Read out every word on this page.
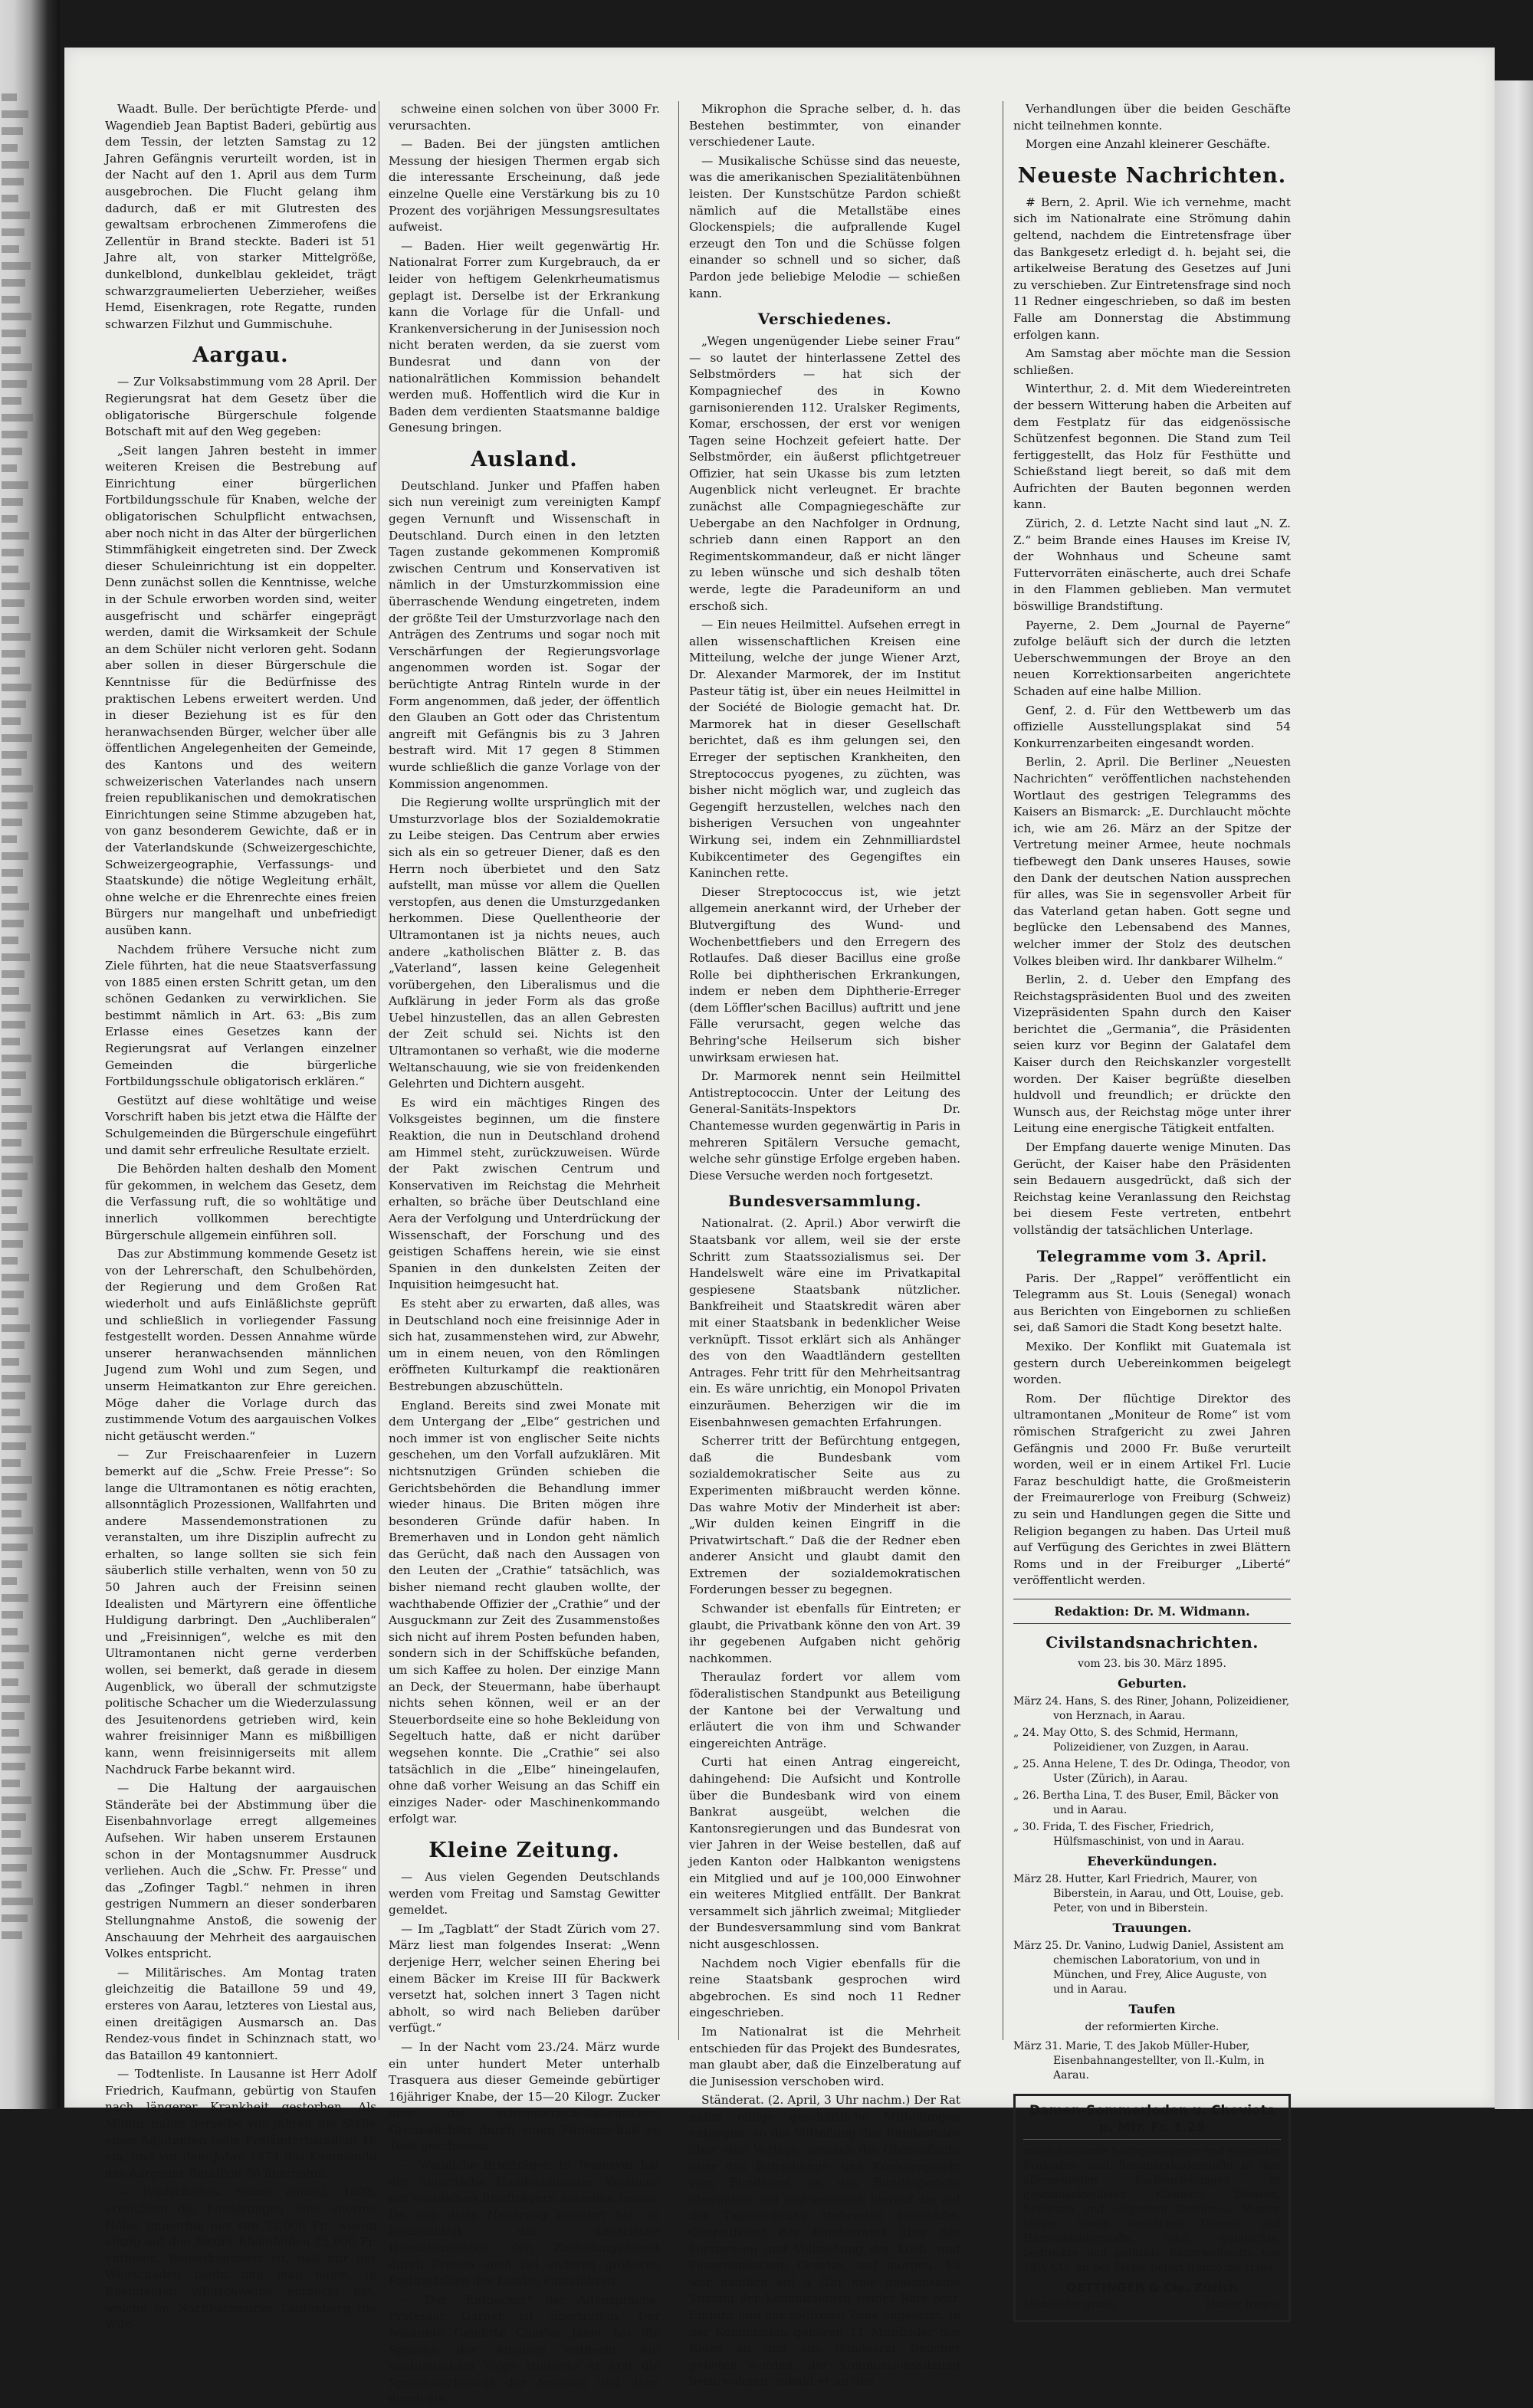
Waadt. Bulle. Der berüchtigte Pferde- und Wagendieb Jean Baptist Baderi, gebürtig aus dem Tessin, der letzten Samstag zu 12 Jahren Gefängnis verurteilt worden, ist in der Nacht auf den 1. April aus dem Turm ausgebrochen. Die Flucht gelang ihm dadurch, daß er mit Glutresten des gewaltsam erbrochenen Zimmerofens die Zellentür in Brand steckte. Baderi ist 51 Jahre alt, von starker Mittelgröße, dunkelblond, dunkelblau gekleidet, trägt schwarzgraumelierten Ueberzieher, weißes Hemd, Eisenkragen, rote Regatte, runden schwarzen Filzhut und Gummischuhe.

Aargau.

— Zur Volksabstimmung vom 28 April. Der Regierungsrat hat dem Gesetz über die obligatorische Bürgerschule folgende Botschaft mit auf den Weg gegeben:

„Seit langen Jahren besteht in immer weiteren Kreisen die Bestrebung auf Einrichtung einer bürgerlichen Fortbildungsschule für Knaben, welche der obligatorischen Schulpflicht entwachsen, aber noch nicht in das Alter der bürgerlichen Stimmfähigkeit eingetreten sind. Der Zweck dieser Schuleinrichtung ist ein doppelter. Denn zunächst sollen die Kenntnisse, welche in der Schule erworben worden sind, weiter ausgefrischt und schärfer eingeprägt werden, damit die Wirksamkeit der Schule an dem Schüler nicht verloren geht. Sodann aber sollen in dieser Bürgerschule die Kenntnisse für die Bedürfnisse des praktischen Lebens erweitert werden. Und in dieser Beziehung ist es für den heranwachsenden Bürger, welcher über alle öffentlichen Angelegenheiten der Gemeinde, des Kantons und des weitern schweizerischen Vaterlandes nach unsern freien republikanischen und demokratischen Einrichtungen seine Stimme abzugeben hat, von ganz besonderem Gewichte, daß er in der Vaterlandskunde (Schweizergeschichte, Schweizergeographie, Verfassungs- und Staatskunde) die nötige Wegleitung erhält, ohne welche er die Ehrenrechte eines freien Bürgers nur mangelhaft und unbefriedigt ausüben kann.

Nachdem frühere Versuche nicht zum Ziele führten, hat die neue Staatsverfassung von 1885 einen ersten Schritt getan, um den schönen Gedanken zu verwirklichen. Sie bestimmt nämlich in Art. 63: „Bis zum Erlasse eines Gesetzes kann der Regierungsrat auf Verlangen einzelner Gemeinden die bürgerliche Fortbildungsschule obligatorisch erklären.“

Gestützt auf diese wohltätige und weise Vorschrift haben bis jetzt etwa die Hälfte der Schulgemeinden die Bürgerschule eingeführt und damit sehr erfreuliche Resultate erzielt.

Die Behörden halten deshalb den Moment für gekommen, in welchem das Gesetz, dem die Verfassung ruft, die so wohltätige und innerlich vollkommen berechtigte Bürgerschule allgemein einführen soll.

Das zur Abstimmung kommende Gesetz ist von der Lehrerschaft, den Schulbehörden, der Regierung und dem Großen Rat wiederholt und aufs Einläßlichste geprüft und schließlich in vorliegender Fassung festgestellt worden. Dessen Annahme würde unserer heranwachsenden männlichen Jugend zum Wohl und zum Segen, und unserm Heimatkanton zur Ehre gereichen. Möge daher die Vorlage durch das zustimmende Votum des aargauischen Volkes nicht getäuscht werden.“

— Zur Freischaarenfeier in Luzern bemerkt auf die „Schw. Freie Presse“: So lange die Ultramontanen es nötig erachten, allsonntäglich Prozessionen, Wallfahrten und andere Massendemonstrationen zu veranstalten, um ihre Disziplin aufrecht zu erhalten, so lange sollten sie sich fein säuberlich stille verhalten, wenn von 50 zu 50 Jahren auch der Freisinn seinen Idealisten und Märtyrern eine öffentliche Huldigung darbringt. Den „Auchliberalen“ und „Freisinnigen“, welche es mit den Ultramontanen nicht gerne verderben wollen, sei bemerkt, daß gerade in diesem Augenblick, wo überall der schmutzigste politische Schacher um die Wiederzulassung des Jesuitenordens getrieben wird, kein wahrer freisinniger Mann es mißbilligen kann, wenn freisinnigerseits mit allem Nachdruck Farbe bekannt wird.

— Die Haltung der aargauischen Ständeräte bei der Abstimmung über die Eisenbahnvorlage erregt allgemeines Aufsehen. Wir haben unserem Erstaunen schon in der Montagsnummer Ausdruck verliehen. Auch die „Schw. Fr. Presse“ und das „Zofinger Tagbl.“ nehmen in ihren gestrigen Nummern an dieser sonderbaren Stellungnahme Anstoß, die sowenig der Anschauung der Mehrheit des aargauischen Volkes entspricht.

— Militärisches. Am Montag traten gleichzeitig die Bataillone 59 und 49, ersteres von Aarau, letzteres von Liestal aus, einen dreitägigen Ausmarsch an. Das Rendez-vous findet in Schinznach statt, wo das Bataillon 49 kantonniert.

— Todtenliste. In Lausanne ist Herr Adolf Friedrich, Kaufmann, gebürtig von Staufen nach längerer Krankheit gestorben. Als Militär nahm derselbe vor Jahren die Stelle eines Adjutanten beim Freiämterbataillon 46 ein, und vor dem Jahre 1874 das Kommando des Aargauer Bataillon 56 übernahm.

— Wildschaden. Schon einmal, 1893, erreichten die Forderungen eine enorme Höhe, immerhin nur von 32,000 Fr., wovon einzig auf den Bezirk Rheinfelden 25,000 Fr. entfielen. Bemerkenswert ist, daß nur der Wildschaden bleibt und man nahm, in Rheinfelden Wildschweine entdeckt hat, welche im Nachbarbezirke Laufenburg die Wild-

schweine einen solchen von über 3000 Fr. verursachten.

— Baden. Bei der jüngsten amtlichen Messung der hiesigen Thermen ergab sich die interessante Erscheinung, daß jede einzelne Quelle eine Verstärkung bis zu 10 Prozent des vorjährigen Messungsresultates aufweist.

— Baden. Hier weilt gegenwärtig Hr. Nationalrat Forrer zum Kurgebrauch, da er leider von heftigem Gelenkrheumatismus geplagt ist. Derselbe ist der Erkrankung kann die Vorlage für die Unfall- und Krankenversicherung in der Junisession noch nicht beraten werden, da sie zuerst vom Bundesrat und dann von der nationalrätlichen Kommission behandelt werden muß. Hoffentlich wird die Kur in Baden dem verdienten Staatsmanne baldige Genesung bringen.

Ausland.

Deutschland. Junker und Pfaffen haben sich nun vereinigt zum vereinigten Kampf gegen Vernunft und Wissenschaft in Deutschland. Durch einen in den letzten Tagen zustande gekommenen Kompromiß zwischen Centrum und Konservativen ist nämlich in der Umsturzkommission eine überraschende Wendung eingetreten, indem der größte Teil der Umsturzvorlage nach den Anträgen des Zentrums und sogar noch mit Verschärfungen der Regierungsvorlage angenommen worden ist. Sogar der berüchtigte Antrag Rinteln wurde in der Form angenommen, daß jeder, der öffentlich den Glauben an Gott oder das Christentum angreift mit Gefängnis bis zu 3 Jahren bestraft wird. Mit 17 gegen 8 Stimmen wurde schließlich die ganze Vorlage von der Kommission angenommen.

Die Regierung wollte ursprünglich mit der Umsturzvorlage blos der Sozialdemokratie zu Leibe steigen. Das Centrum aber erwies sich als ein so getreuer Diener, daß es den Herrn noch überbietet und den Satz aufstellt, man müsse vor allem die Quellen verstopfen, aus denen die Umsturzgedanken herkommen. Diese Quellentheorie der Ultramontanen ist ja nichts neues, auch andere „katholischen Blätter z. B. das „Vaterland“, lassen keine Gelegenheit vorübergehen, den Liberalismus und die Aufklärung in jeder Form als das große Uebel hinzustellen, das an allen Gebresten der Zeit schuld sei. Nichts ist den Ultramontanen so verhaßt, wie die moderne Weltanschauung, wie sie von freidenkenden Gelehrten und Dichtern ausgeht.

Es wird ein mächtiges Ringen des Volksgeistes beginnen, um die finstere Reaktion, die nun in Deutschland drohend am Himmel steht, zurückzuweisen. Würde der Pakt zwischen Centrum und Konservativen im Reichstag die Mehrheit erhalten, so bräche über Deutschland eine Aera der Verfolgung und Unterdrückung der Wissenschaft, der Forschung und des geistigen Schaffens herein, wie sie einst Spanien in den dunkelsten Zeiten der Inquisition heimgesucht hat.

Es steht aber zu erwarten, daß alles, was in Deutschland noch eine freisinnige Ader in sich hat, zusammenstehen wird, zur Abwehr, um in einem neuen, von den Römlingen eröffneten Kulturkampf die reaktionären Bestrebungen abzuschütteln.

England. Bereits sind zwei Monate mit dem Untergang der „Elbe“ gestrichen und noch immer ist von englischer Seite nichts geschehen, um den Vorfall aufzuklären. Mit nichtsnutzigen Gründen schieben die Gerichtsbehörden die Behandlung immer wieder hinaus. Die Briten mögen ihre besonderen Gründe dafür haben. In Bremerhaven und in London geht nämlich das Gerücht, daß nach den Aussagen von den Leuten der „Crathie“ tatsächlich, was bisher niemand recht glauben wollte, der wachthabende Offizier der „Crathie“ und der Ausguckmann zur Zeit des Zusammenstoßes sich nicht auf ihrem Posten befunden haben, sondern sich in der Schiffsküche befanden, um sich Kaffee zu holen. Der einzige Mann an Deck, der Steuermann, habe überhaupt nichts sehen können, weil er an der Steuerbordseite eine so hohe Bekleidung von Segeltuch hatte, daß er nicht darüber wegsehen konnte. Die „Crathie“ sei also tatsächlich in die „Elbe“ hineingelaufen, ohne daß vorher Weisung an das Schiff ein einziges Nader- oder Maschinenkommando erfolgt war.

Kleine Zeitung.

— Aus vielen Gegenden Deutschlands werden vom Freitag und Samstag Gewitter gemeldet.

— Im „Tagblatt“ der Stadt Zürich vom 27. März liest man folgendes Inserat: „Wenn derjenige Herr, welcher seinen Ehering bei einem Bäcker im Kreise III für Backwerk versetzt hat, solchen innert 3 Tagen nicht abholt, so wird nach Belieben darüber verfügt.“

— In der Nacht vom 23./24. März wurde ein unter hundert Meter unterhalb Trasquera aus dieser Gemeinde gebürtiger 16jähriger Knabe, der 15—20 Kilogr. Zucker über die schweizerisch-italienischen Grenzwächter durch einen Flintenschuß zu Tode geschossen.

— Weibliche Briefträger. In Temesvar hat der ungarische Handelsminister Versuche mit weiblichen Briefträgern anstellen lassen. Da sich diese Neuerung bewährt hat, so beabsichtigt der ungarische Handelsminister, den Zustellungsdienst durch Frauen auch bei anderen größeren Postanstalten des Landes einzuführen.

— Der „Entdecker“ der Affensprache, Professor Garner ist übertroffen. Der bekannte Gelehrte Charles Janet hat die Sprache der Ameisen entdeckt. Auf anatomischem Wege studierte er erst die Sprechwerkzeuge der Ameisen und dann durch ein

Mikrophon die Sprache selber, d. h. das Bestehen bestimmter, von einander verschiedener Laute.

— Musikalische Schüsse sind das neueste, was die amerikanischen Spezialitätenbühnen leisten. Der Kunstschütze Pardon schießt nämlich auf die Metallstäbe eines Glockenspiels; die aufprallende Kugel erzeugt den Ton und die Schüsse folgen einander so schnell und so sicher, daß Pardon jede beliebige Melodie — schießen kann.

Verschiedenes.

„Wegen ungenügender Liebe seiner Frau“ — so lautet der hinterlassene Zettel des Selbstmörders — hat sich der Kompagniechef des in Kowno garnisonierenden 112. Uralsker Regiments, Komar, erschossen, der erst vor wenigen Tagen seine Hochzeit gefeiert hatte. Der Selbstmörder, ein äußerst pflichtgetreuer Offizier, hat sein Ukasse bis zum letzten Augenblick nicht verleugnet. Er brachte zunächst alle Compagniegeschäfte zur Uebergabe an den Nachfolger in Ordnung, schrieb dann einen Rapport an den Regimentskommandeur, daß er nicht länger zu leben wünsche und sich deshalb töten werde, legte die Paradeuniform an und erschoß sich.

— Ein neues Heilmittel. Aufsehen erregt in allen wissenschaftlichen Kreisen eine Mitteilung, welche der junge Wiener Arzt, Dr. Alexander Marmorek, der im Institut Pasteur tätig ist, über ein neues Heilmittel in der Société de Biologie gemacht hat. Dr. Marmorek hat in dieser Gesellschaft berichtet, daß es ihm gelungen sei, den Erreger der septischen Krankheiten, den Streptococcus pyogenes, zu züchten, was bisher nicht möglich war, und zugleich das Gegengift herzustellen, welches nach den bisherigen Versuchen von ungeahnter Wirkung sei, indem ein Zehnmilliardstel Kubikcentimeter des Gegengiftes ein Kaninchen rette.

Dieser Streptococcus ist, wie jetzt allgemein anerkannt wird, der Urheber der Blutvergiftung des Wund- und Wochenbettfiebers und den Erregern des Rotlaufes. Daß dieser Bacillus eine große Rolle bei diphtherischen Erkrankungen, indem er neben dem Diphtherie-Erreger (dem Löffler'schen Bacillus) auftritt und jene Fälle verursacht, gegen welche das Behring'sche Heilserum sich bisher unwirksam erwiesen hat.

Dr. Marmorek nennt sein Heilmittel Antistreptococcin. Unter der Leitung des General-Sanitäts-Inspektors Dr. Chantemesse wurden gegenwärtig in Paris in mehreren Spitälern Versuche gemacht, welche sehr günstige Erfolge ergeben haben. Diese Versuche werden noch fortgesetzt.

Bundesversammlung.

Nationalrat. (2. April.) Abor verwirft die Staatsbank vor allem, weil sie der erste Schritt zum Staatssozialismus sei. Der Handelswelt wäre eine im Privatkapital gespiesene Staatsbank nützlicher. Bankfreiheit und Staatskredit wären aber mit einer Staatsbank in bedenklicher Weise verknüpft. Tissot erklärt sich als Anhänger des von den Waadtländern gestellten Antrages. Fehr tritt für den Mehrheitsantrag ein. Es wäre unrichtig, ein Monopol Privaten einzuräumen. Beherzigen wir die im Eisenbahnwesen gemachten Erfahrungen.

Scherrer tritt der Befürchtung entgegen, daß die Bundesbank vom sozialdemokratischer Seite aus zu Experimenten mißbraucht werden könne. Das wahre Motiv der Minderheit ist aber: „Wir dulden keinen Eingriff in die Privatwirtschaft.“ Daß die der Redner eben anderer Ansicht und glaubt damit den Extremen der sozialdemokratischen Forderungen besser zu begegnen.

Schwander ist ebenfalls für Eintreten; er glaubt, die Privatbank könne den von Art. 39 ihr gegebenen Aufgaben nicht gehörig nachkommen.

Theraulaz fordert vor allem vom föderalistischen Standpunkt aus Beteiligung der Kantone bei der Verwaltung und erläutert die von ihm und Schwander eingereichten Anträge.

Curti hat einen Antrag eingereicht, dahingehend: Die Aufsicht und Kontrolle über die Bundesbank wird von einem Bankrat ausgeübt, welchen die Kantonsregierungen und das Bundesrat von vier Jahren in der Weise bestellen, daß auf jeden Kanton oder Halbkanton wenigstens ein Mitglied und auf je 100,000 Einwohner ein weiteres Mitglied entfällt. Der Bankrat versammelt sich jährlich zweimal; Mitglieder der Bundesversammlung sind vom Bankrat nicht ausgeschlossen.

Nachdem noch Vigier ebenfalls für die reine Staatsbank gesprochen wird abgebrochen. Es sind noch 11 Redner eingeschrieben.

Im Nationalrat ist die Mehrheit entschieden für das Projekt des Bundesrates, man glaubt aber, daß die Einzelberatung auf die Junisession verschoben wird.

Ständerat. (2. April, 3 Uhr nachm.) Der Rat nahm einige geschäftliche Mitteilungen entgegen, so die Mitteilung des Bundesrates über eine Vorlage, wonach die Oberaufsicht über das Betreibungs- und Konkursgesetz vom Bundesrat an das Bundesgericht übergehen soll und verschob hierauf die auf der Tagesordnung stehenden Geschäfte, Oberaufsicht des Bundesrates über das Forstwesen und Vollziehung der Koch- und Feuerdankschen Gesetze, auf morgen. Es war nämlich auf 4 Uhr eine gemeinsame Sitzung der Kommissionen beider Räte betr. Einfuhr und der zollfreien Zone angesetzt. In der Kommission gehören 11 Mitglieder des Rates an und aus Bundesrat Deucher gebeten worden, der Kommissionssitzung beizuwohnen, sobald er an den

Verhandlungen über die beiden Geschäfte nicht teilnehmen konnte.

Morgen eine Anzahl kleinerer Geschäfte.

Neueste Nachrichten.

# Bern, 2. April. Wie ich vernehme, macht sich im Nationalrate eine Strömung dahin geltend, nachdem die Eintretensfrage über das Bankgesetz erledigt d. h. bejaht sei, die artikelweise Beratung des Gesetzes auf Juni zu verschieben. Zur Eintretensfrage sind noch 11 Redner eingeschrieben, so daß im besten Falle am Donnerstag die Abstimmung erfolgen kann.

Am Samstag aber möchte man die Session schließen.

Winterthur, 2. d. Mit dem Wiedereintreten der bessern Witterung haben die Arbeiten auf dem Festplatz für das eidgenössische Schützenfest begonnen. Die Stand zum Teil fertiggestellt, das Holz für Festhütte und Schießstand liegt bereit, so daß mit dem Aufrichten der Bauten begonnen werden kann.

Zürich, 2. d. Letzte Nacht sind laut „N. Z. Z.“ beim Brande eines Hauses im Kreise IV, der Wohnhaus und Scheune samt Futtervorräten einäscherte, auch drei Schafe in den Flammen geblieben. Man vermutet böswillige Brandstiftung.

Payerne, 2. Dem „Journal de Payerne“ zufolge beläuft sich der durch die letzten Ueberschwemmungen der Broye an den neuen Korrektionsarbeiten angerichtete Schaden auf eine halbe Million.

Genf, 2. d. Für den Wettbewerb um das offizielle Ausstellungsplakat sind 54 Konkurrenzarbeiten eingesandt worden.

Berlin, 2. April. Die Berliner „Neuesten Nachrichten“ veröffentlichen nachstehenden Wortlaut des gestrigen Telegramms des Kaisers an Bismarck: „E. Durchlaucht möchte ich, wie am 26. März an der Spitze der Vertretung meiner Armee, heute nochmals tiefbewegt den Dank unseres Hauses, sowie den Dank der deutschen Nation aussprechen für alles, was Sie in segensvoller Arbeit für das Vaterland getan haben. Gott segne und beglücke den Lebensabend des Mannes, welcher immer der Stolz des deutschen Volkes bleiben wird. Ihr dankbarer Wilhelm.“

Berlin, 2. d. Ueber den Empfang des Reichstagspräsidenten Buol und des zweiten Vizepräsidenten Spahn durch den Kaiser berichtet die „Germania“, die Präsidenten seien kurz vor Beginn der Galatafel dem Kaiser durch den Reichskanzler vorgestellt worden. Der Kaiser begrüßte dieselben huldvoll und freundlich; er drückte den Wunsch aus, der Reichstag möge unter ihrer Leitung eine energische Tätigkeit entfalten.

Der Empfang dauerte wenige Minuten. Das Gerücht, der Kaiser habe den Präsidenten sein Bedauern ausgedrückt, daß sich der Reichstag keine Veranlassung den Reichstag bei diesem Feste vertreten, entbehrt vollständig der tatsächlichen Unterlage.

Telegramme vom 3. April.

Paris. Der „Rappel“ veröffentlicht ein Telegramm aus St. Louis (Senegal) wonach aus Berichten von Eingebornen zu schließen sei, daß Samori die Stadt Kong besetzt halte.

Mexiko. Der Konflikt mit Guatemala ist gestern durch Uebereinkommen beigelegt worden.

Rom. Der flüchtige Direktor des ultramontanen „Moniteur de Rome“ ist vom römischen Strafgericht zu zwei Jahren Gefängnis und 2000 Fr. Buße verurteilt worden, weil er in einem Artikel Frl. Lucie Faraz beschuldigt hatte, die Großmeisterin der Freimaurerloge von Freiburg (Schweiz) zu sein und Handlungen gegen die Sitte und Religion begangen zu haben. Das Urteil muß auf Verfügung des Gerichtes in zwei Blättern Roms und in der Freiburger „Liberté“ veröffentlicht werden.

Redaktion: Dr. M. Widmann.
Civilstandsnachrichten.
vom 23. bis 30. März 1895.
Geburten.
März 24. Hans, S. des Riner, Johann, Polizeidiener, von Herznach, in Aarau.
„ 24. May Otto, S. des Schmid, Hermann, Polizeidiener, von Zuzgen, in Aarau.
„ 25. Anna Helene, T. des Dr. Odinga, Theodor, von Uster (Zürich), in Aarau.
„ 26. Bertha Lina, T. des Buser, Emil, Bäcker von und in Aarau.
„ 30. Frida, T. des Fischer, Friedrich, Hülfsmaschinist, von und in Aarau.
Eheverkündungen.
März 28. Hutter, Karl Friedrich, Maurer, von Biberstein, in Aarau, und Ott, Louise, geb. Peter, von und in Biberstein.
Trauungen.
März 25. Dr. Vanino, Ludwig Daniel, Assistent am chemischen Laboratorium, von und in München, und Frey, Alice Auguste, von und in Aarau.
Taufen
der reformierten Kirche.
März 31. Marie, T. des Jakob Müller-Huber, Eisenbahnangestellter, von Il.-Kulm, in Aarau.
Damen-Sommerloden u. Cheviots p. Mtr. Fr. 1.25
sowie tausende hochgediegener und eleganter Frühjahrs- und Sommerkleiderstoffe in den allerneuesten Farbenstellungen zu geschmackvollsten Kleidern, Blousen, Schürzen und eleganten Costümes. Muster obiger, sowie sämtlicher Damen- und Herrenkleiderstoffe, rohe, gebleichte, bedruckte und gefärbte Baumwollstoffe von 18½ Cts. an per Meter liefert franco ins Haus.
OETTINGER & Cie. Zürich
Modebilder gratis.	Muster franco.
